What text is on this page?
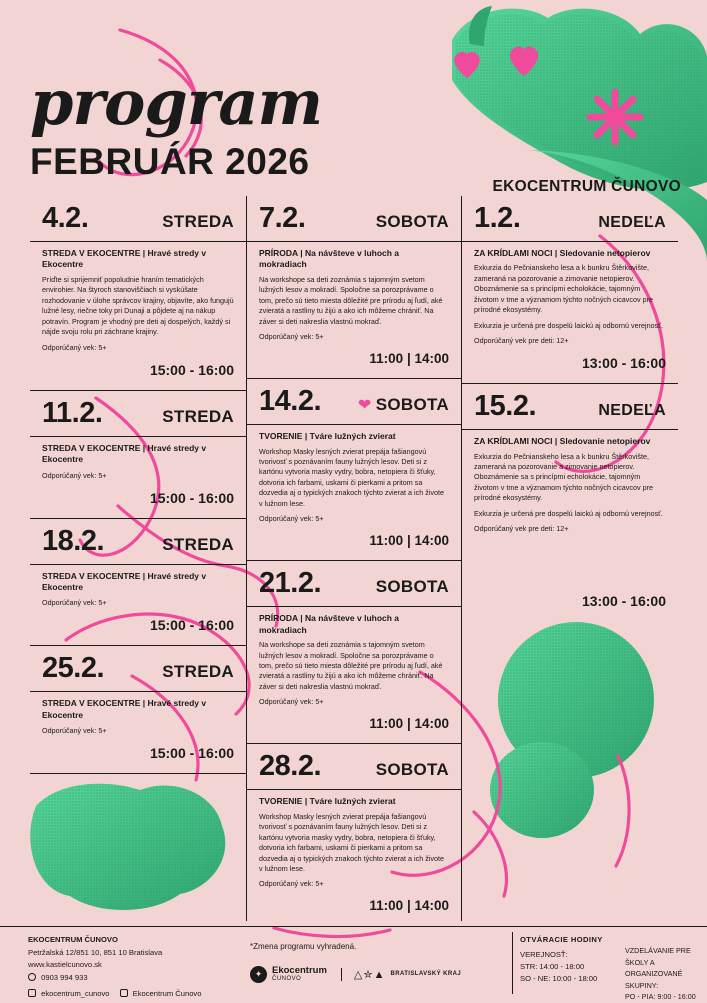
program
FEBRUÁR 2026
EKOCENTRUM ČUNOVO
4.2.	STREDA
STREDA V EKOCENTRE | Hravé stredy v Ekocentre

Príďte si sprijemniť popoludnie hraním tematických envirohier. Na štyroch stanoviščiach si vyskúšate rozhodovanie v úlohe správcov krajiny, objavíte, ako fungujú lužné lesy, riečne toky pri Dunaji a pôjdete aj na nákup potravín. Program je vhodný pre deti aj dospelých, každý si nájde svoju rolu pri záchrane krajiny.

Odporúčaný vek: 5+
15:00 - 16:00
11.2.	STREDA
STREDA V EKOCENTRE | Hravé stredy v Ekocentre
Odporúčaný vek: 5+
15:00 - 16:00
18.2.	STREDA
STREDA V EKOCENTRE | Hravé stredy v Ekocentre
Odporúčaný vek: 5+
15:00 - 16:00
25.2.	STREDA
STREDA V EKOCENTRE | Hravé stredy v Ekocentre
Odporúčaný vek: 5+
15:00 - 16:00
7.2.	SOBOTA
PRÍRODA | Na návšteve v luhoch a mokradiach

Na workshope sa deti zoznámia s tajomným svetom lužných lesov a mokradí. Spoločne sa porozprávame o tom, prečo sú tieto miesta dôležité pre prírodu aj ľudí, aké zvieratá a rastliny tu žijú a ako ich môžeme chrániť. Na záver si deti nakreslia vlastnú mokraď.

Odporúčaný vek: 5+
11:00 | 14:00
14.2. ❤ SOBOTA
TVORENIE | Tváre lužných zvierat

Workshop Masky lesných zvierat prepája fašiangovú tvorivosť s poznávaním fauny lužných lesov. Deti si z kartónu vytvoria masky vydry, bobra, netopiera či šťuky, dotvoria ich farbami, uskami či pierkami a pritom sa dozvedia aj o typických znakoch týchto zvierat a ich živote v lužnom lese.

Odporúčaný vek: 5+
11:00 | 14:00
21.2.	SOBOTA
PRÍRODA | Na návšteve v luhoch a mokradiach

Na workshope sa deti zoznámia s tajomným svetom lužných lesov a mokradí. Spoločne sa porozprávame o tom, prečo sú tieto miesta dôležité pre prírodu aj ľudí, aké zvieratá a rastliny tu žijú a ako ich môžeme chrániť. Na záver si deti nakreslia vlastnú mokraď.

Odporúčaný vek: 5+
11:00 | 14:00
28.2.	SOBOTA
TVORENIE | Tváre lužných zvierat

Workshop Masky lesných zvierat prepája fašiangovú tvorivosť s poznávaním fauny lužných lesov. Deti si z kartónu vytvoria masky vydry, bobra, netopiera či šťuky, dotvoria ich farbami, uskami či pierkami a pritom sa dozvedia aj o typických znakoch týchto zvierat a ich živote v lužnom lese.

Odporúčaný vek: 5+
11:00 | 14:00
1.2.	NEDEĽA
ZA KRÍDLAMI NOCI | Sledovanie netopierov

Exkurzia do Pečnianskeho lesa a k bunkru Štěrkovište, zameraná na pozorovanie a zimovanie netopierov. Oboznámenie sa s princípmi echolokácie, tajomným životom v tme a významom týchto nočných cicavcov pre prírodné ekosystémy.

Exkurzia je určená pre dospelú laickú aj odbornú verejnosť.

Odporúčaný vek pre deti: 12+
13:00 - 16:00
15.2.	NEDEĽA
ZA KRÍDLAMI NOCI | Sledovanie netopierov

Exkurzia do Pečnianskeho lesa a k bunkru Štěrkovište, zameraná na pozorovanie a zimovanie netopierov. Oboznámenie sa s princípmi echolokácie, tajomným životom v tme a významom týchto nočných cicavcov pre prírodné ekosystémy.

Exkurzia je určená pre dospelú laickú aj odbornú verejnosť.

Odporúčaný vek pre deti: 12+
13:00 - 16:00
EKOCENTRUM ČUNOVO
Petržalská 12/851 10, 851 10 Bratislava
www.kastielcunovo.sk
0903 994 933
ekocentrum_cunovo	Ekocentrum Čunovo
*Zmena programu vyhradená.
✦	Ekocentrum
ČUNOVO	△✮▲ BRATISLAVSKÝ KRAJ
OTVÁRACIE HODINY
VEREJNOSŤ:
STR: 14:00 - 18:00
SO - NE: 10:00 - 18:00
VZDELÁVANIE PRE ŠKOLY A ORGANIZOVANÉ SKUPINY:
PO - PIA: 9:00 - 16:00
